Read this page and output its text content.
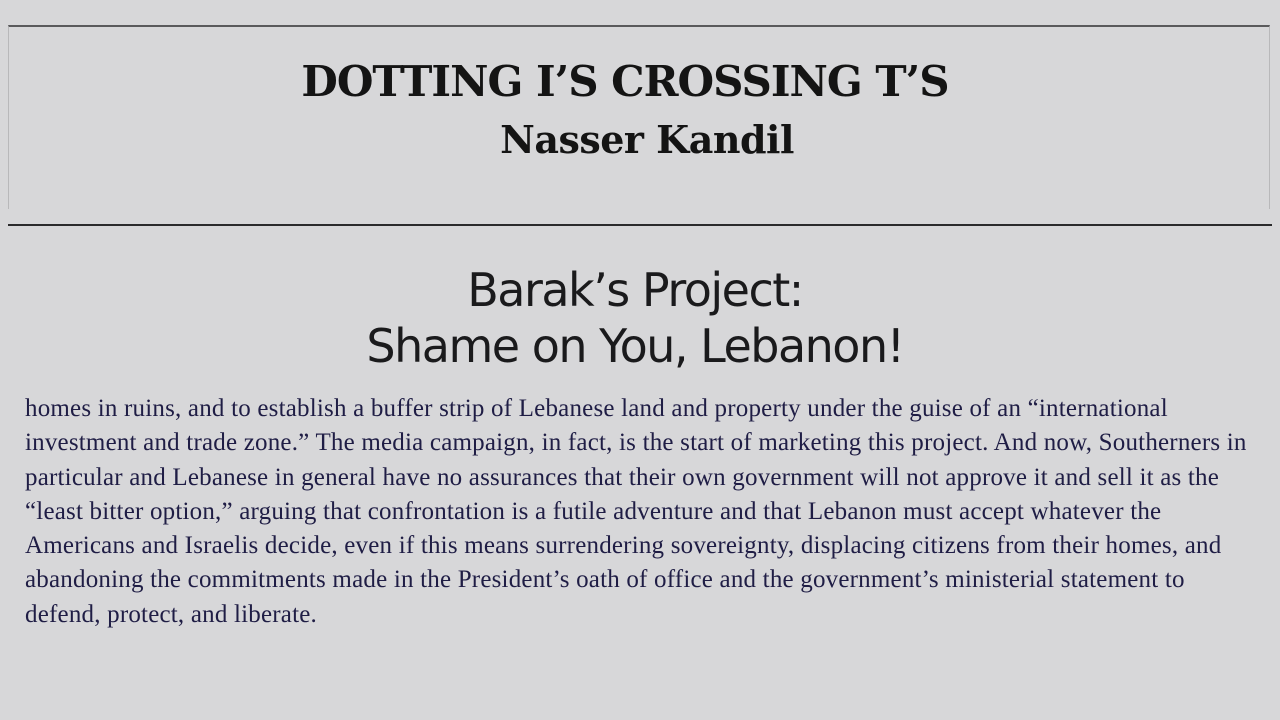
DOTTING I’S CROSSING T’S
Nasser Kandil
Barak’s Project:
Shame on You, Lebanon!

homes in ruins, and to establish a buffer strip of Lebanese land and property under the guise of an “international investment and trade zone.” The media campaign, in fact, is the start of marketing this project. And now, Southerners in particular and Lebanese in general have no assurances that their own government will not approve it and sell it as the “least bitter option,” arguing that confrontation is a futile adventure and that Lebanon must accept whatever the Americans and Israelis decide, even if this means surrendering sovereignty, displacing citizens from their homes, and abandoning the commitments made in the President’s oath of office and the government’s ministerial statement to defend, protect, and liberate.
